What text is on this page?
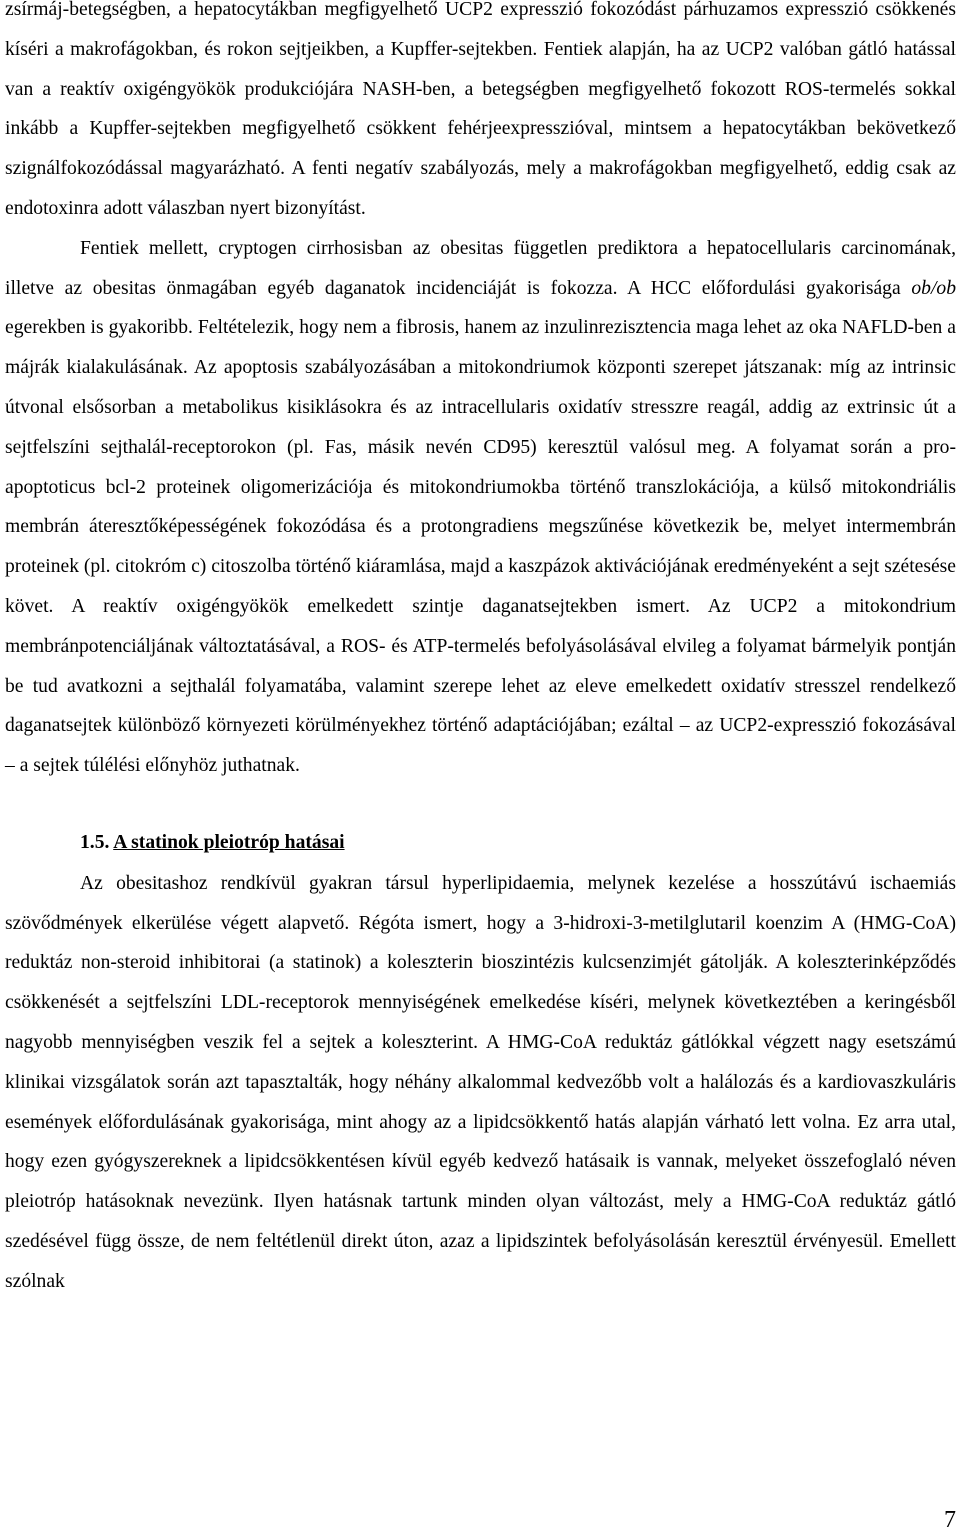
zsírmáj-betegségben, a hepatocytákban megfigyelhető UCP2 expresszió fokozódást párhuzamos expresszió csökkenés kíséri a makrofágokban, és rokon sejtjeikben, a Kupffer-sejtekben. Fentiek alapján, ha az UCP2 valóban gátló hatással van a reaktív oxigéngyökök produkciójára NASH-ben, a betegségben megfigyelhető fokozott ROS-termelés sokkal inkább a Kupffer-sejtekben megfigyelhető csökkent fehérjeexpresszióval, mintsem a hepatocytákban bekövetkező szignálfokozódással magyarázható. A fenti negatív szabályozás, mely a makrofágokban megfigyelhető, eddig csak az endotoxinra adott válaszban nyert bizonyítást.

Fentiek mellett, cryptogen cirrhosisban az obesitas független prediktora a hepatocellularis carcinomának, illetve az obesitas önmagában egyéb daganatok incidenciáját is fokozza. A HCC előfordulási gyakorisága ob/ob egerekben is gyakoribb. Feltételezik, hogy nem a fibrosis, hanem az inzulinrezisztencia maga lehet az oka NAFLD-ben a májrák kialakulásának. Az apoptosis szabályozásában a mitokondriumok központi szerepet játszanak: míg az intrinsic útvonal elsősorban a metabolikus kisiklásokra és az intracellularis oxidatív stresszre reagál, addig az extrinsic út a sejtfelszíni sejthalál-receptorokon (pl. Fas, másik nevén CD95) keresztül valósul meg. A folyamat során a pro-apoptoticus bcl-2 proteinek oligomerizációja és mitokondriumokba történő transzlokációja, a külső mitokondriális membrán áteresztőképességének fokozódása és a protongradiens megszűnése következik be, melyet intermembrán proteinek (pl. citokróm c) citoszolba történő kiáramlása, majd a kaszpázok aktivációjának eredményeként a sejt szétesése követ. A reaktív oxigéngyökök emelkedett szintje daganatsejtekben ismert. Az UCP2 a mitokondrium membránpotenciáljának változtatásával, a ROS- és ATP-termelés befolyásolásával elvileg a folyamat bármelyik pontján be tud avatkozni a sejthalál folyamatába, valamint szerepe lehet az eleve emelkedett oxidatív stresszel rendelkező daganatsejtek különböző környezeti körülményekhez történő adaptációjában; ezáltal – az UCP2-expresszió fokozásával – a sejtek túlélési előnyhöz juthatnak.

1.5. A statinok pleiotróp hatásai

Az obesitashoz rendkívül gyakran társul hyperlipidaemia, melynek kezelése a hosszútávú ischaemiás szövődmények elkerülése végett alapvető. Régóta ismert, hogy a 3-hidroxi-3-metilglutaril koenzim A (HMG-CoA) reduktáz non-steroid inhibitorai (a statinok) a koleszterin bioszintézis kulcsenzimjét gátolják. A koleszterinképződés csökkenését a sejtfelszíni LDL-receptorok mennyiségének emelkedése kíséri, melynek következtében a keringésből nagyobb mennyiségben veszik fel a sejtek a koleszterint. A HMG-CoA reduktáz gátlókkal végzett nagy esetszámú klinikai vizsgálatok során azt tapasztalták, hogy néhány alkalommal kedvezőbb volt a halálozás és a kardiovaszkuláris események előfordulásának gyakorisága, mint ahogy az a lipidcsökkentő hatás alapján várható lett volna. Ez arra utal, hogy ezen gyógyszereknek a lipidcsökkentésen kívül egyéb kedvező hatásaik is vannak, melyeket összefoglaló néven pleiotróp hatásoknak nevezünk. Ilyen hatásnak tartunk minden olyan változást, mely a HMG-CoA reduktáz gátló szedésével függ össze, de nem feltétlenül direkt úton, azaz a lipidszintek befolyásolásán keresztül érvényesül. Emellett szólnak

7
